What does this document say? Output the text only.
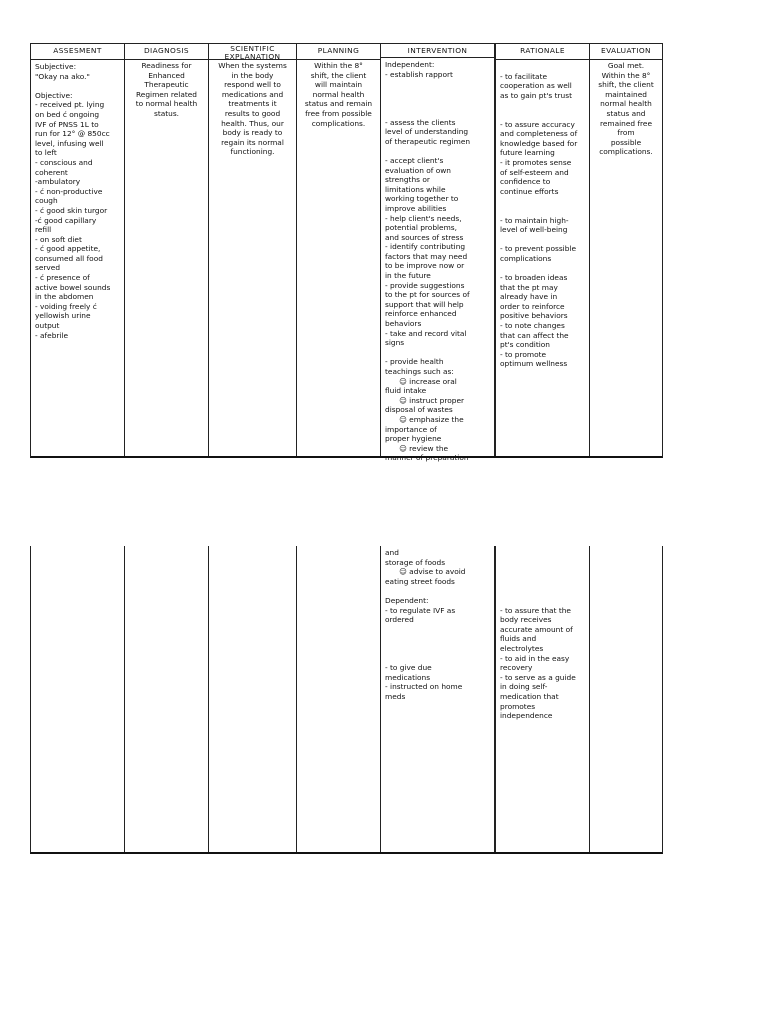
ASSESMENT
Subjective:
"Okay na ako."

Objective:
- received pt. lying
on bed ć ongoing
IVF of PNSS 1L to
run for 12° @ 850cc
level, infusing well
to left
- conscious and
coherent
-ambulatory
- ć non-productive
cough
- ć good skin turgor
-ć good capillary
refill
- on soft diet
- ć good appetite,
consumed all food
served
- ć presence of
active bowel sounds
in the abdomen
- voiding freely ć
yellowish urine
output
- afebrile
DIAGNOSIS
Readiness for
Enhanced
Therapeutic
Regimen related
to normal health
status.
SCIENTIFIC
EXPLANATION
When the systems
in the body
respond well to
medications and
treatments it
results to good
health. Thus, our
body is ready to
regain its normal
functioning.
PLANNING
Within the 8°
shift, the client
will maintain
normal health
status and remain
free from possible
complications.
INTERVENTION
Independent:
- establish rapport

- assess the clients
level of understanding
of therapeutic regimen

- accept client's
evaluation of own
strengths or
limitations while
working together to
improve abilities
- help client's needs,
potential problems,
and sources of stress
- identify contributing
factors that may need
to be improve now or
in the future
- provide suggestions
to the pt for sources of
support that will help
reinforce enhanced
behaviors
- take and record vital
signs

- provide health
teachings such as:
☺ increase oral
fluid intake
☺ instruct proper
disposal of wastes
☺ emphasize the
importance of
proper hygiene
☺ review the
manner of preparation
RATIONALE

- to facilitate
cooperation as well
as to gain pt's trust

- to assure accuracy
and completeness of
knowledge based for
future learning
- it promotes sense
of self-esteem and
confidence to
continue efforts

- to maintain high-
level of well-being

- to prevent possible
complications

- to broaden ideas
that the pt may
already have in
order to reinforce
positive behaviors
- to note changes
that can affect the
pt's condition
- to promote
optimum wellness
EVALUATION
Goal met.
Within the 8°
shift, the client
maintained
normal health
status and
remained free
from
possible
complications.
and
storage of foods
☺ advise to avoid
eating street foods

Dependent:
- to regulate IVF as
ordered

- to give due
medications
- instructed on home
meds

- to assure that the
body receives
accurate amount of
fluids and
electrolytes
- to aid in the easy
recovery
- to serve as a guide
in doing self-
medication that
promotes
independence
